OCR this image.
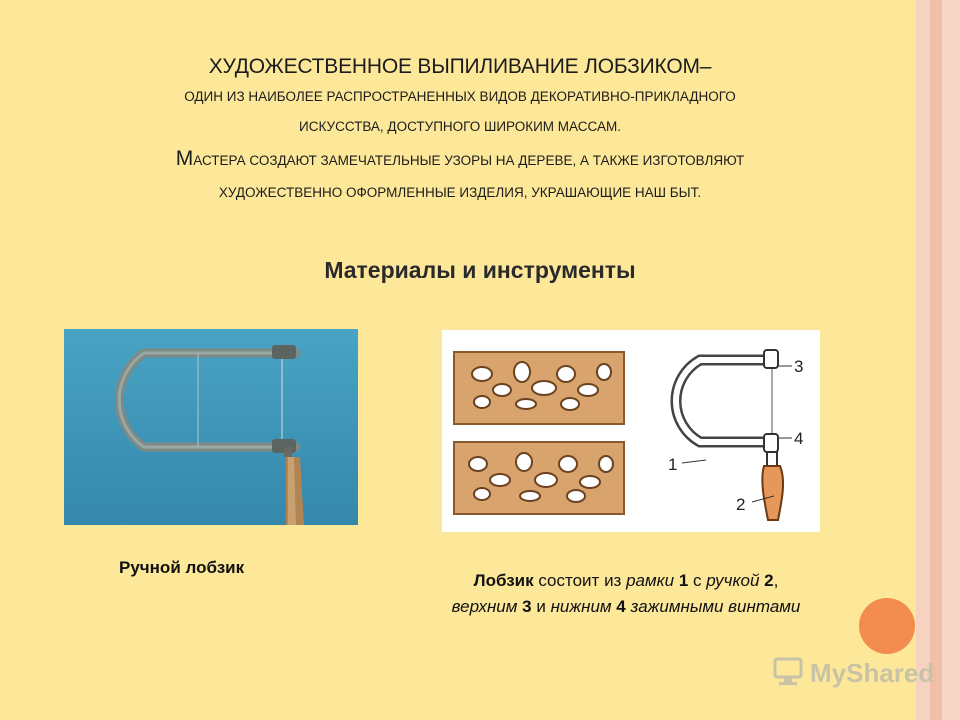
ХУДОЖЕСТВЕННОЕ ВЫПИЛИВАНИЕ ЛОБЗИКОМ–
ОДИН ИЗ НАИБОЛЕЕ РАСПРОСТРАНЕННЫХ ВИДОВ ДЕКОРАТИВНО-ПРИКЛАДНОГО
ИСКУССТВА, ДОСТУПНОГО ШИРОКИМ МАССАМ.
МАСТЕРА СОЗДАЮТ ЗАМЕЧАТЕЛЬНЫЕ УЗОРЫ НА ДЕРЕВЕ, А ТАКЖЕ ИЗГОТОВЛЯЮТ
ХУДОЖЕСТВЕННО ОФОРМЛЕННЫЕ ИЗДЕЛИЯ, УКРАШАЮЩИЕ НАШ БЫТ.
Материалы и инструменты
3
4
1
2
Ручной лобзик
Лобзик состоит из рамки 1 с ручкой 2,
верхним 3 и нижним 4 зажимными винтами
MyShared
